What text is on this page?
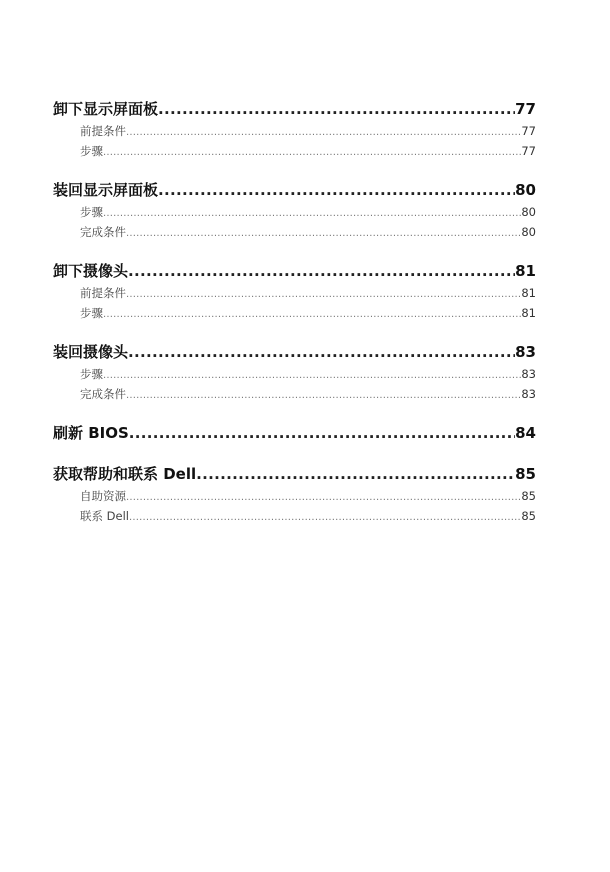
卸下显示屏面板 .....	77
前提条件 .....	77
步骤 .....	77
装回显示屏面板 .....	80
步骤 .....	80
完成条件 .....	80
卸下摄像头 .....	81
前提条件 .....	81
步骤 .....	81
装回摄像头 .....	83
步骤 .....	83
完成条件 .....	83
刷新 BIOS .....	84
获取帮助和联系 Dell .....	85
自助资源 .....	85
联系 Dell .....	85
